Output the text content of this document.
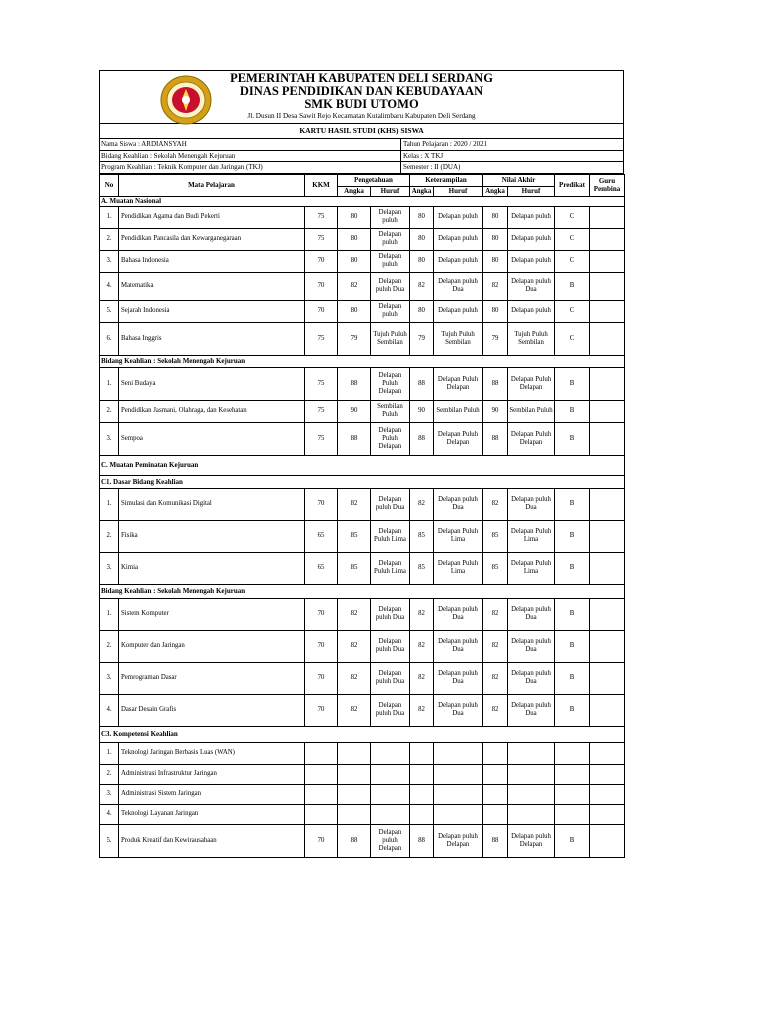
PEMERINTAH KABUPATEN DELI SERDANG
DINAS PENDIDIKAN DAN KEBUDAYAAN
SMK BUDI UTOMO
Jl. Dusun II Desa Sawit Rejo Kecamatan Kutalimbaru Kabupaten Deli Serdang
KARTU HASIL STUDI (KHS) SISWA
Nama Siswa : ARDIANSYAH
Bidang Keahlian : Sekolah Menengah Kejuruan
Program Keahlian : Teknik Komputer dan Jaringan (TKJ)
Tahun Pelajaran : 2020 / 2021
Kelas : X TKJ
Semester : II (DUA)
No	Mata Pelajaran	KKM	Pengetahuan		Keterampilan		Nilai Akhir		Predikat	Guru Pembina
			Angka	Huruf	Angka	Huruf	Angka	Huruf		
A. Muatan Nasional										
1.	Pendidikan Agama dan Budi Pekerti	75	80	Delapan puluh	80	Delapan puluh	80	Delapan puluh	C	
2.	Pendidikan Pancasila dan Kewarganegaraan	75	80	Delapan puluh	80	Delapan puluh	80	Delapan puluh	C	
3.	Bahasa Indonesia	70	80	Delapan puluh	80	Delapan puluh	80	Delapan puluh	C	
4.	Matematika	70	82	Delapan puluh Dua	82	Delapan puluh Dua	82	Delapan puluh Dua	B	
5.	Sejarah Indonesia	70	80	Delapan puluh	80	Delapan puluh	80	Delapan puluh	C	
6.	Bahasa Inggris	75	79	Tujuh Puluh Sembilan	79	Tujuh Puluh Sembilan	79	Tujuh Puluh Sembilan	C	
Bidang Keahlian : Sekolah Menengah Kejuruan										
1.	Seni Budaya	75	88	Delapan Puluh Delapan	88	Delapan Puluh Delapan	88	Delapan Puluh Delapan	B	
2.	Pendidikan Jasmani, Olahraga, dan Kesehatan	75	90	Sembilan Puluh	90	Sembilan Puluh	90	Sembilan Puluh	B	
3.	Sempoa	75	88	Delapan Puluh Delapan	88	Delapan Puluh Delapan	88	Delapan Puluh Delapan	B	
C. Muatan Peminatan Kejuruan										
C1. Dasar Bidang Keahlian										
1.	Simulasi dan Komunikasi Digital	70	82	Delapan puluh Dua	82	Delapan puluh Dua	82	Delapan puluh Dua	B	
2.	Fisika	65	85	Delapan Puluh Lima	85	Delapan Puluh Lima	85	Delapan Puluh Lima	B	
3.	Kimia	65	85	Delapan Puluh Lima	85	Delapan Puluh Lima	85	Delapan Puluh Lima	B	
Bidang Keahlian : Sekolah Menengah Kejuruan										
1.	Sistem Komputer	70	82	Delapan puluh Dua	82	Delapan puluh Dua	82	Delapan puluh Dua	B	
2.	Komputer dan Jaringan	70	82	Delapan puluh Dua	82	Delapan puluh Dua	82	Delapan puluh Dua	B	
3.	Pemrograman Dasar	70	82	Delapan puluh Dua	82	Delapan puluh Dua	82	Delapan puluh Dua	B	
4.	Dasar Desain Grafis	70	82	Delapan puluh Dua	82	Delapan puluh Dua	82	Delapan puluh Dua	B	
C3. Kompetensi Keahlian										
1.	Teknologi Jaringan Berbasis Luas (WAN)									
2.	Administrasi Infrastruktur Jaringan									
3.	Administrasi Sistem Jaringan									
4.	Teknologi Layanan Jaringan									
5.	Produk Kreatif dan Kewirausahaan	70	88	Delapan puluh Delapan	88	Delapan puluh Delapan	88	Delapan puluh Delapan	B	
